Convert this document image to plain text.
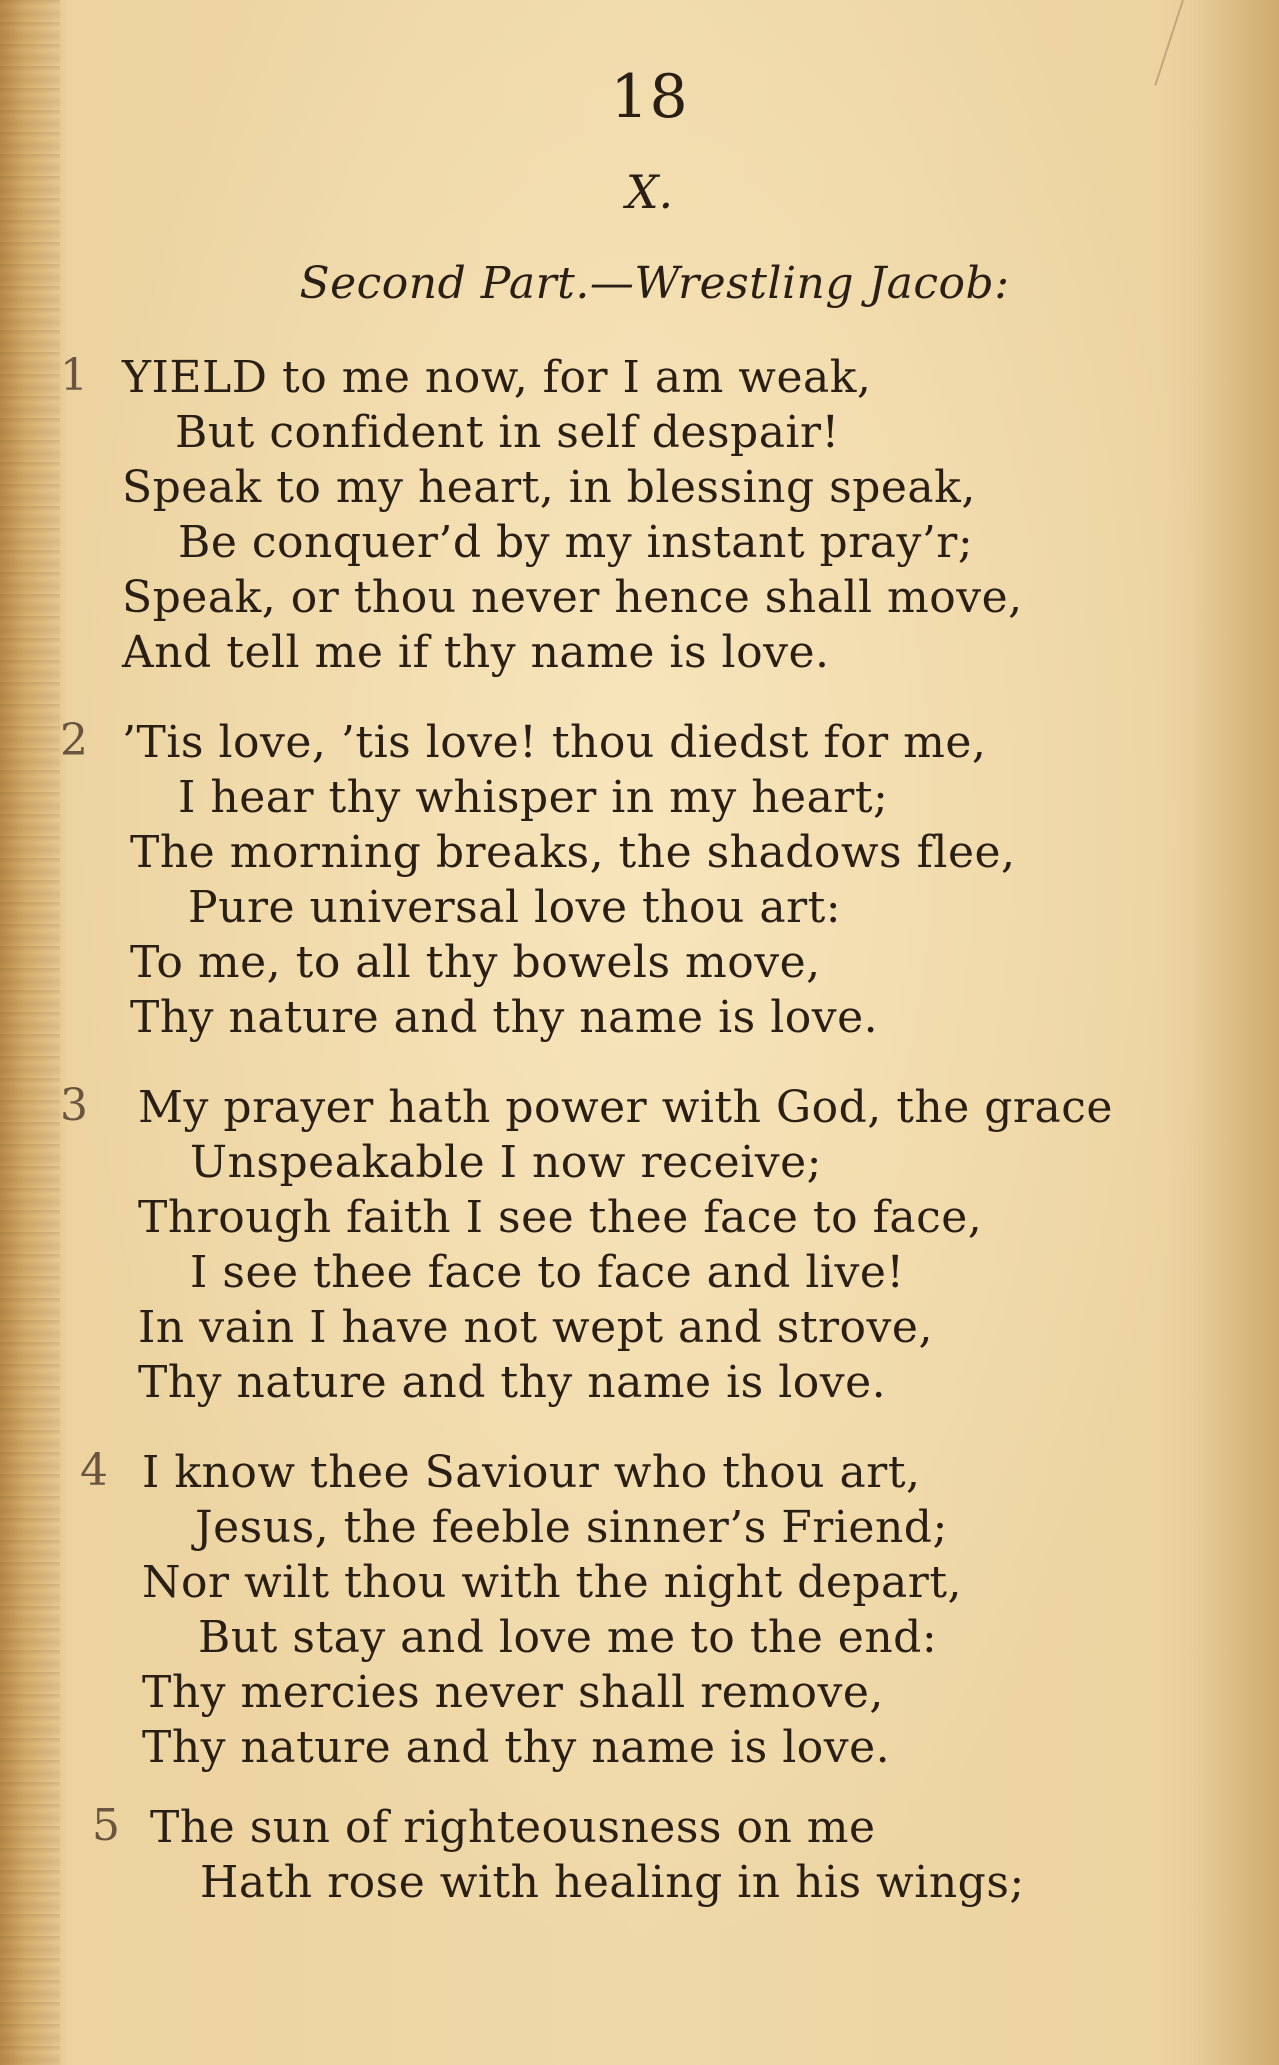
18
X.
Second Part.—Wrestling Jacob:
1 YIELD to me now, for I am weak,
But confident in self despair!
Speak to my heart, in blessing speak,
Be conquer’d by my instant pray’r;
Speak, or thou never hence shall move,
And tell me if thy name is love.
2 ’Tis love, ’tis love! thou diedst for me,
I hear thy whisper in my heart;
The morning breaks, the shadows flee,
Pure universal love thou art:
To me, to all thy bowels move,
Thy nature and thy name is love.
3	My prayer hath power with God, the grace
Unspeakable I now receive;
Through faith I see thee face to face,
I see thee face to face and live!
In vain I have not wept and strove,
Thy nature and thy name is love.
4 I know thee Saviour who thou art,
Jesus, the feeble sinner’s Friend;
Nor wilt thou with the night depart,
But stay and love me to the end:
Thy mercies never shall remove,
Thy nature and thy name is love.
5 The sun of righteousness on me
Hath rose with healing in his wings;
